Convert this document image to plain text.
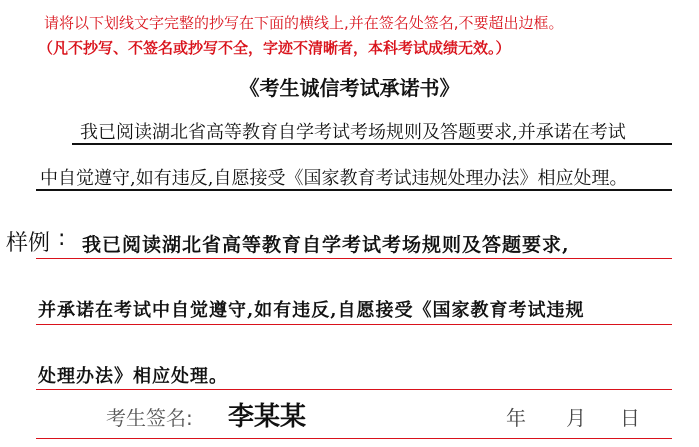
请将以下划线文字完整的抄写在下面的横线上,并在签名处签名,不要超出边框。
（凡不抄写、不签名或抄写不全，字迹不清晰者，本科考试成绩无效。）
《考生诚信考试承诺书》
我已阅读湖北省高等教育自学考试考场规则及答题要求,并承诺在考试
中自觉遵守,如有违反,自愿接受《国家教育考试违规处理办法》相应处理。
样例 : 我已阅读湖北省高等教育自学考试考场规则及答题要求,
并承诺在考试中自觉遵守,如有违反,自愿接受《国家教育考试违规
处理办法》相应处理。
考生签名: 李某某	年 月 日
